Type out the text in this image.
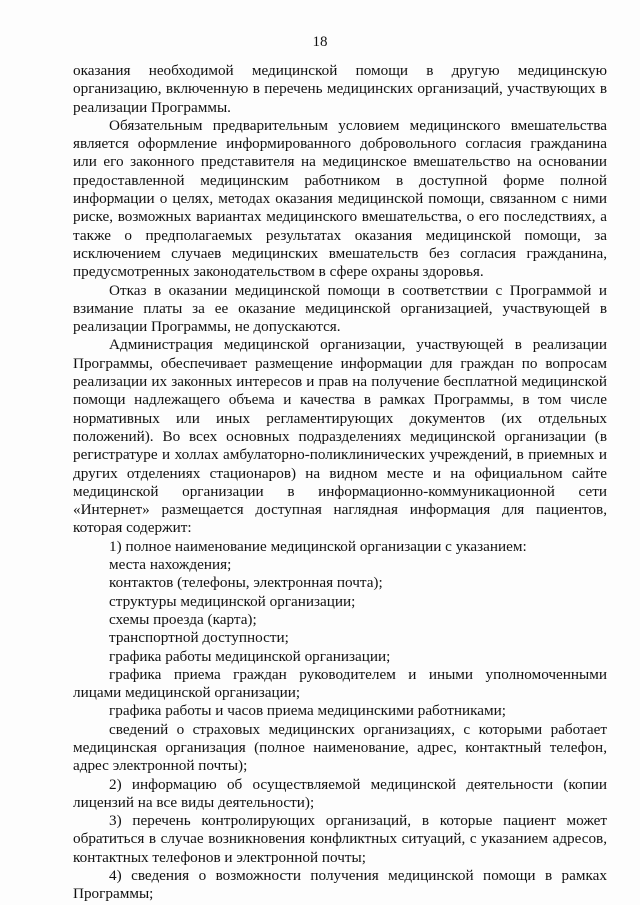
18

оказания необходимой медицинской помощи в другую медицинскую организацию, включенную в перечень медицинских организаций, участвующих в реализации Программы.

Обязательным предварительным условием медицинского вмешательства является оформление информированного добровольного согласия гражданина или его законного представителя на медицинское вмешательство на основании предоставленной медицинским работником в доступной форме полной информации о целях, методах оказания медицинской помощи, связанном с ними риске, возможных вариантах медицинского вмешательства, о его последствиях, а также о предполагаемых результатах оказания медицинской помощи, за исключением случаев медицинских вмешательств без согласия гражданина, предусмотренных законодательством в сфере охраны здоровья.

Отказ в оказании медицинской помощи в соответствии с Программой и взимание платы за ее оказание медицинской организацией, участвующей в реализации Программы, не допускаются.

Администрация медицинской организации, участвующей в реализации Программы, обеспечивает размещение информации для граждан по вопросам реализации их законных интересов и прав на получение бесплатной медицинской помощи надлежащего объема и качества в рамках Программы, в том числе нормативных или иных регламентирующих документов (их отдельных положений). Во всех основных подразделениях медицинской организации (в регистратуре и холлах амбулаторно-поликлинических учреждений, в приемных и других отделениях стационаров) на видном месте и на официальном сайте медицинской организации в информационно-коммуникационной сети «Интернет» размещается доступная наглядная информация для пациентов, которая содержит:

1) полное наименование медицинской организации с указанием:

места нахождения;

контактов (телефоны, электронная почта);

структуры медицинской организации;

схемы проезда (карта);

транспортной доступности;

графика работы медицинской организации;

графика приема граждан руководителем и иными уполномоченными лицами медицинской организации;

графика работы и часов приема медицинскими работниками;

сведений о страховых медицинских организациях, с которыми работает медицинская организация (полное наименование, адрес, контактный телефон, адрес электронной почты);

2) информацию об осуществляемой медицинской деятельности (копии лицензий на все виды деятельности);

3) перечень контролирующих организаций, в которые пациент может обратиться в случае возникновения конфликтных ситуаций, с указанием адресов, контактных телефонов и электронной почты;

4) сведения о возможности получения медицинской помощи в рамках Программы;
